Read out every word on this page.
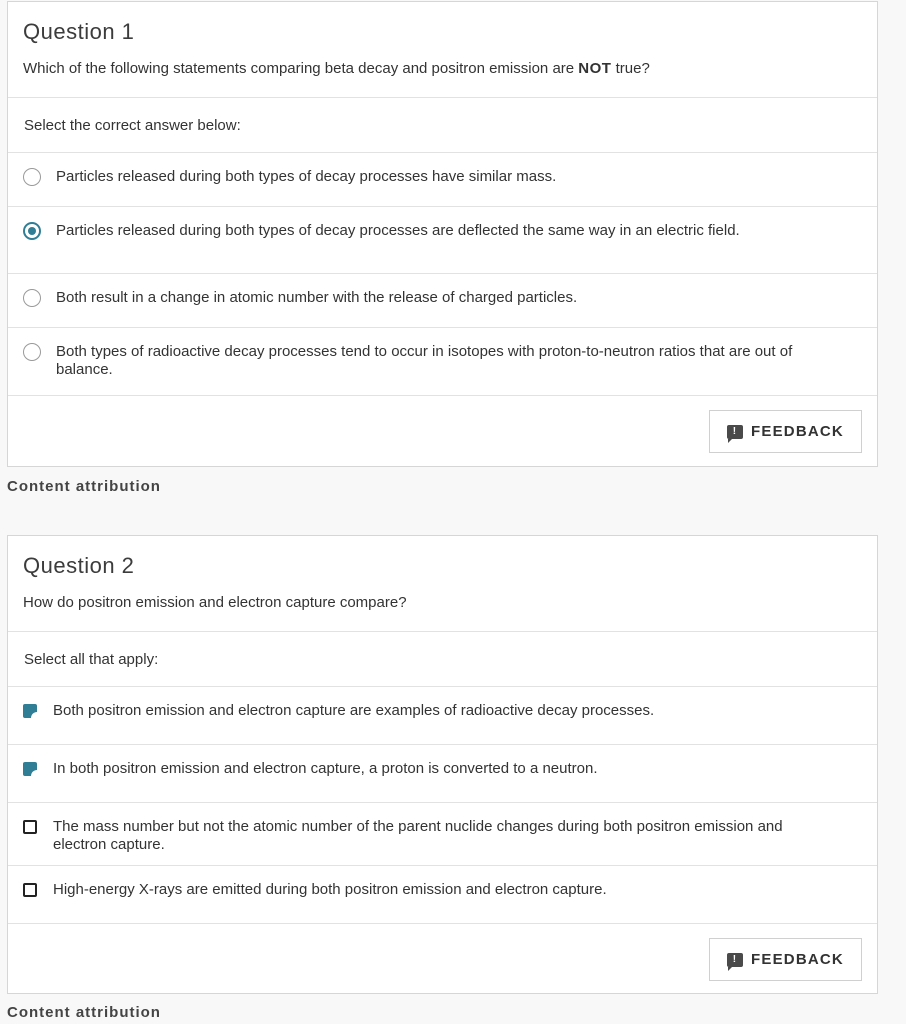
Question 1
Which of the following statements comparing beta decay and positron emission are NOT true?
Select the correct answer below:
Particles released during both types of decay processes have similar mass.
Particles released during both types of decay processes are deflected the same way in an electric field.
Both result in a change in atomic number with the release of charged particles.
Both types of radioactive decay processes tend to occur in isotopes with proton-to-neutron ratios that are out of balance.
! FEEDBACK
Content attribution
Question 2
How do positron emission and electron capture compare?
Select all that apply:
Both positron emission and electron capture are examples of radioactive decay processes.
In both positron emission and electron capture, a proton is converted to a neutron.
The mass number but not the atomic number of the parent nuclide changes during both positron emission and electron capture.
High-energy X-rays are emitted during both positron emission and electron capture.
! FEEDBACK
Content attribution
